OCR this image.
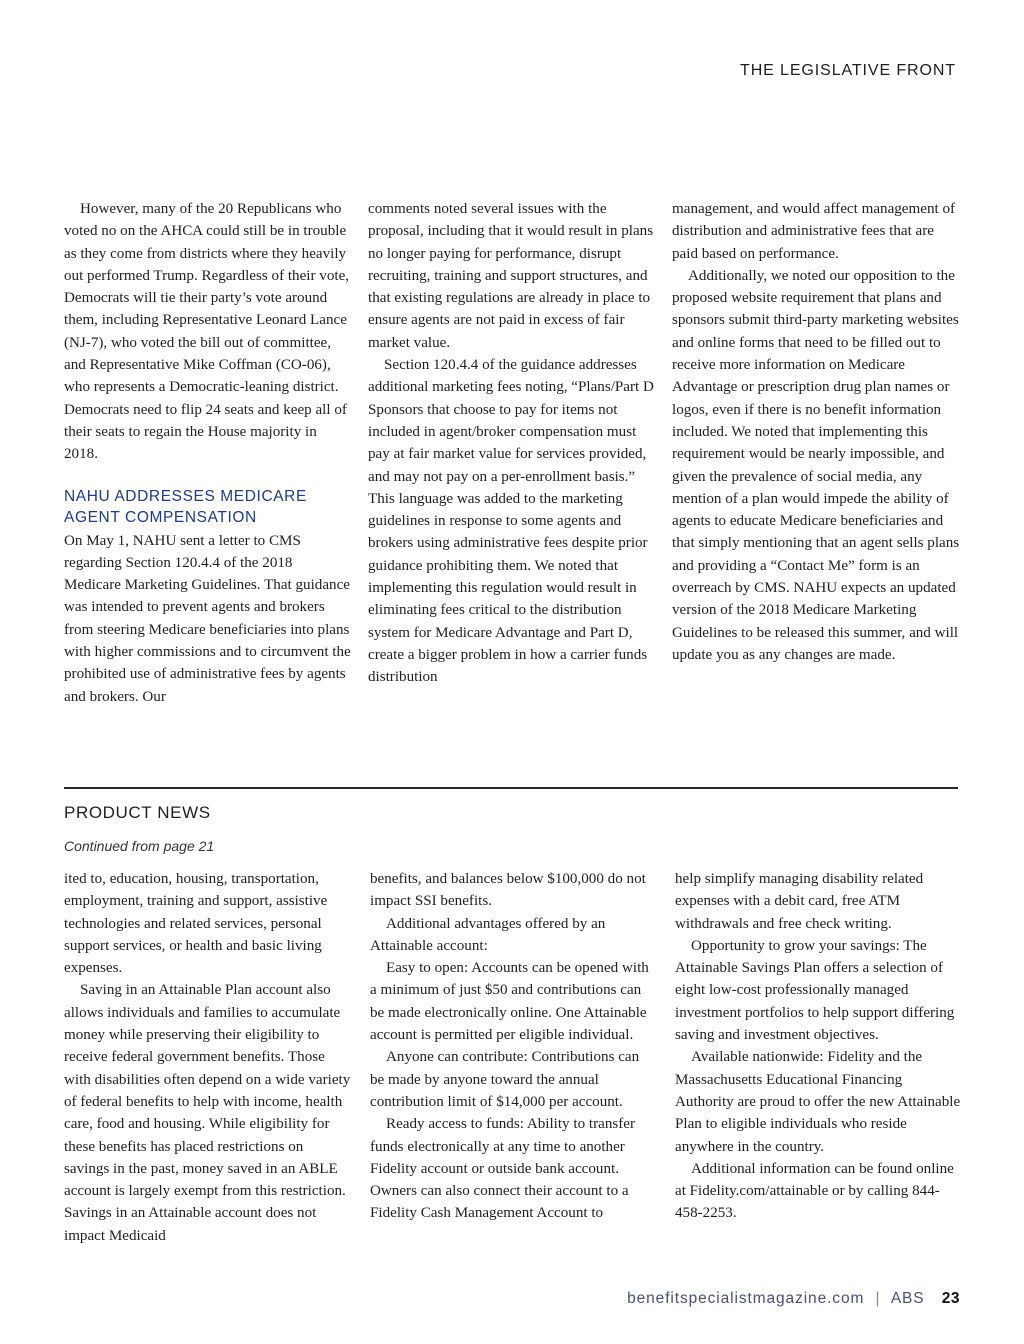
THE LEGISLATIVE FRONT

However, many of the 20 Republicans who voted no on the AHCA could still be in trouble as they come from districts where they heavily out performed Trump. Regardless of their vote, Democrats will tie their party’s vote around them, including Representative Leonard Lance (NJ-7), who voted the bill out of committee, and Representative Mike Coffman (CO-06), who represents a Democratic-leaning district. Democrats need to flip 24 seats and keep all of their seats to regain the House majority in 2018.

NAHU ADDRESSES MEDICARE AGENT COMPENSATION

On May 1, NAHU sent a letter to CMS regarding Section 120.4.4 of the 2018 Medicare Marketing Guidelines. That guidance was intended to prevent agents and brokers from steering Medicare beneficiaries into plans with higher commissions and to circumvent the prohibited use of administrative fees by agents and brokers. Our

comments noted several issues with the proposal, including that it would result in plans no longer paying for performance, disrupt recruiting, training and support structures, and that existing regulations are already in place to ensure agents are not paid in excess of fair market value.

Section 120.4.4 of the guidance addresses additional marketing fees noting, “Plans/Part D Sponsors that choose to pay for items not included in agent/broker compensation must pay at fair market value for services provided, and may not pay on a per-enrollment basis.” This language was added to the marketing guidelines in response to some agents and brokers using administrative fees despite prior guidance prohibiting them. We noted that implementing this regulation would result in eliminating fees critical to the distribution system for Medicare Advantage and Part D, create a bigger problem in how a carrier funds distribution

management, and would affect management of distribution and administrative fees that are paid based on performance.

Additionally, we noted our opposition to the proposed website requirement that plans and sponsors submit third-party marketing websites and online forms that need to be filled out to receive more information on Medicare Advantage or prescription drug plan names or logos, even if there is no benefit information included. We noted that implementing this requirement would be nearly impossible, and given the prevalence of social media, any mention of a plan would impede the ability of agents to educate Medicare beneficiaries and that simply mentioning that an agent sells plans and providing a “Contact Me” form is an overreach by CMS. NAHU expects an updated version of the 2018 Medicare Marketing Guidelines to be released this summer, and will update you as any changes are made.

PRODUCT NEWS
Continued from page 21

ited to, education, housing, transportation, employment, training and support, assistive technologies and related services, personal support services, or health and basic living expenses.

Saving in an Attainable Plan account also allows individuals and families to accumulate money while preserving their eligibility to receive federal government benefits. Those with disabilities often depend on a wide variety of federal benefits to help with income, health care, food and housing. While eligibility for these benefits has placed restrictions on savings in the past, money saved in an ABLE account is largely exempt from this restriction. Savings in an Attainable account does not impact Medicaid

benefits, and balances below $100,000 do not impact SSI benefits.

Additional advantages offered by an Attainable account:

Easy to open: Accounts can be opened with a minimum of just $50 and contributions can be made electronically online. One Attainable account is permitted per eligible individual.

Anyone can contribute: Contributions can be made by anyone toward the annual contribution limit of $14,000 per account.

Ready access to funds: Ability to transfer funds electronically at any time to another Fidelity account or outside bank account. Owners can also connect their account to a Fidelity Cash Management Account to

help simplify managing disability related expenses with a debit card, free ATM withdrawals and free check writing.

Opportunity to grow your savings: The Attainable Savings Plan offers a selection of eight low-cost professionally managed investment portfolios to help support differing saving and investment objectives.

Available nationwide: Fidelity and the Massachusetts Educational Financing Authority are proud to offer the new Attainable Plan to eligible individuals who reside anywhere in the country.

Additional information can be found online at Fidelity.com/attainable or by calling 844-458-2253.

benefitspecialistmagazine.com | ABS 23
